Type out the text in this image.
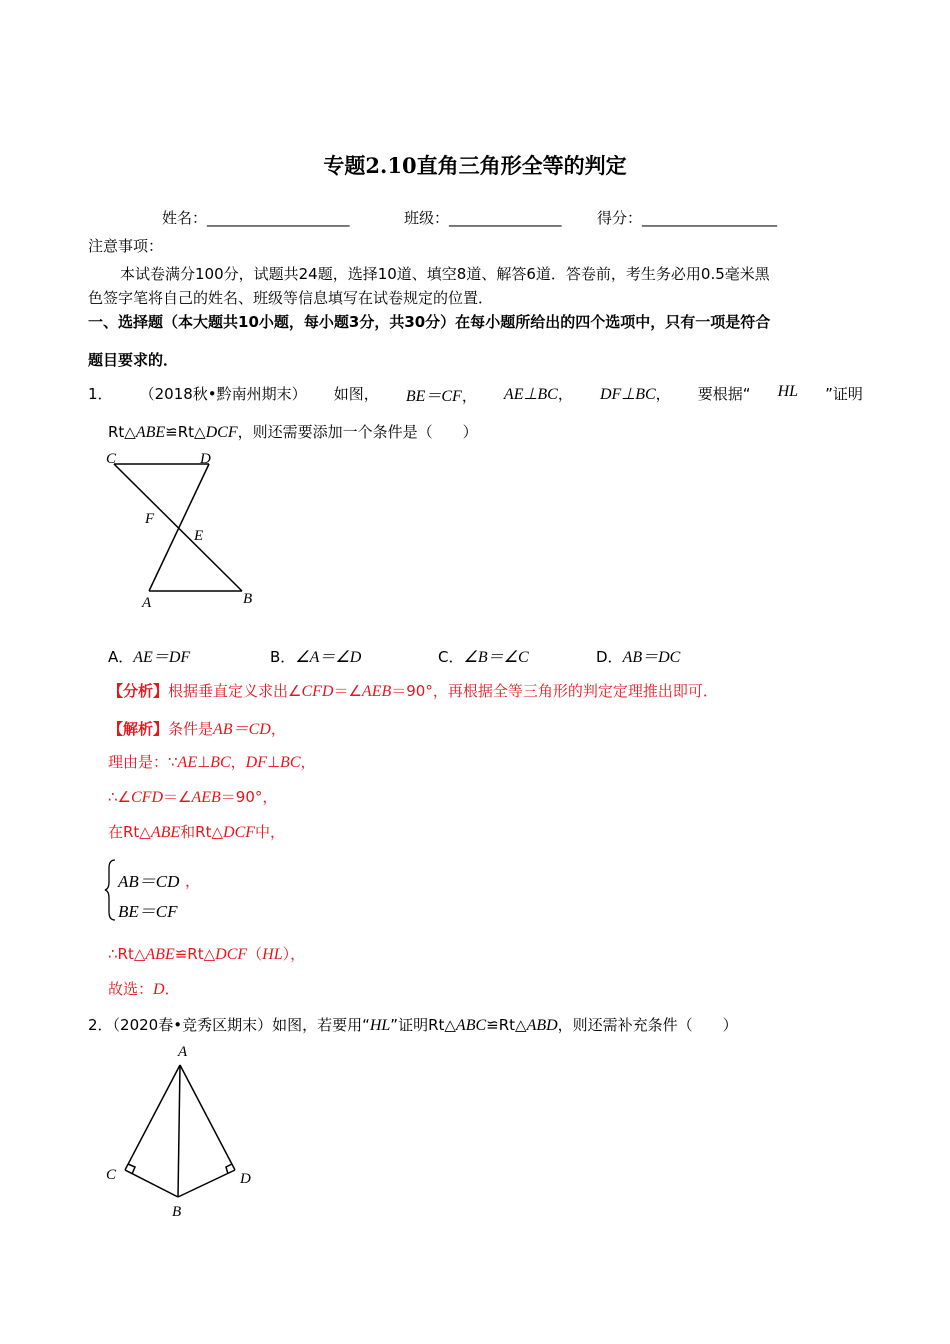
专题2.10直角三角形全等的判定
姓名：___________________	班级：_______________ 得分：__________________
注意事项：
本试卷满分100分，试题共24题，选择10道、填空8道、解答6道．答卷前，考生务必用0.5毫米黑
色签字笔将自己的姓名、班级等信息填写在试卷规定的位置．
一、选择题（本大题共10小题，每小题3分，共30分）在每小题所给出的四个选项中，只有一项是符合
题目要求的．
1． （2018秋•黔南州期末） 如图， BE＝CF， AE⊥BC， DF⊥BC， 要根据“ HL ”证明
Rt△ABE≌Rt△DCF，则还需要添加一个条件是（　　）
C	D
F
E
A	B
A．AE＝DF	B．∠A＝∠D	C．∠B＝∠C	D．AB＝DC
【分析】根据垂直定义求出∠CFD＝∠AEB＝90°，再根据全等三角形的判定定理推出即可．
【解析】条件是AB＝CD，
理由是：∵AE⊥BC，DF⊥BC，
∴∠CFD＝∠AEB＝90°，
在Rt△ABE和Rt△DCF中，
AB＝CD ，
BE＝CF
∴Rt△ABE≌Rt△DCF（HL），
故选：D．
2．（2020春•竞秀区期末）如图，若要用“HL”证明Rt△ABC≌Rt△ABD，则还需补充条件（　　）
A
C	D
B
